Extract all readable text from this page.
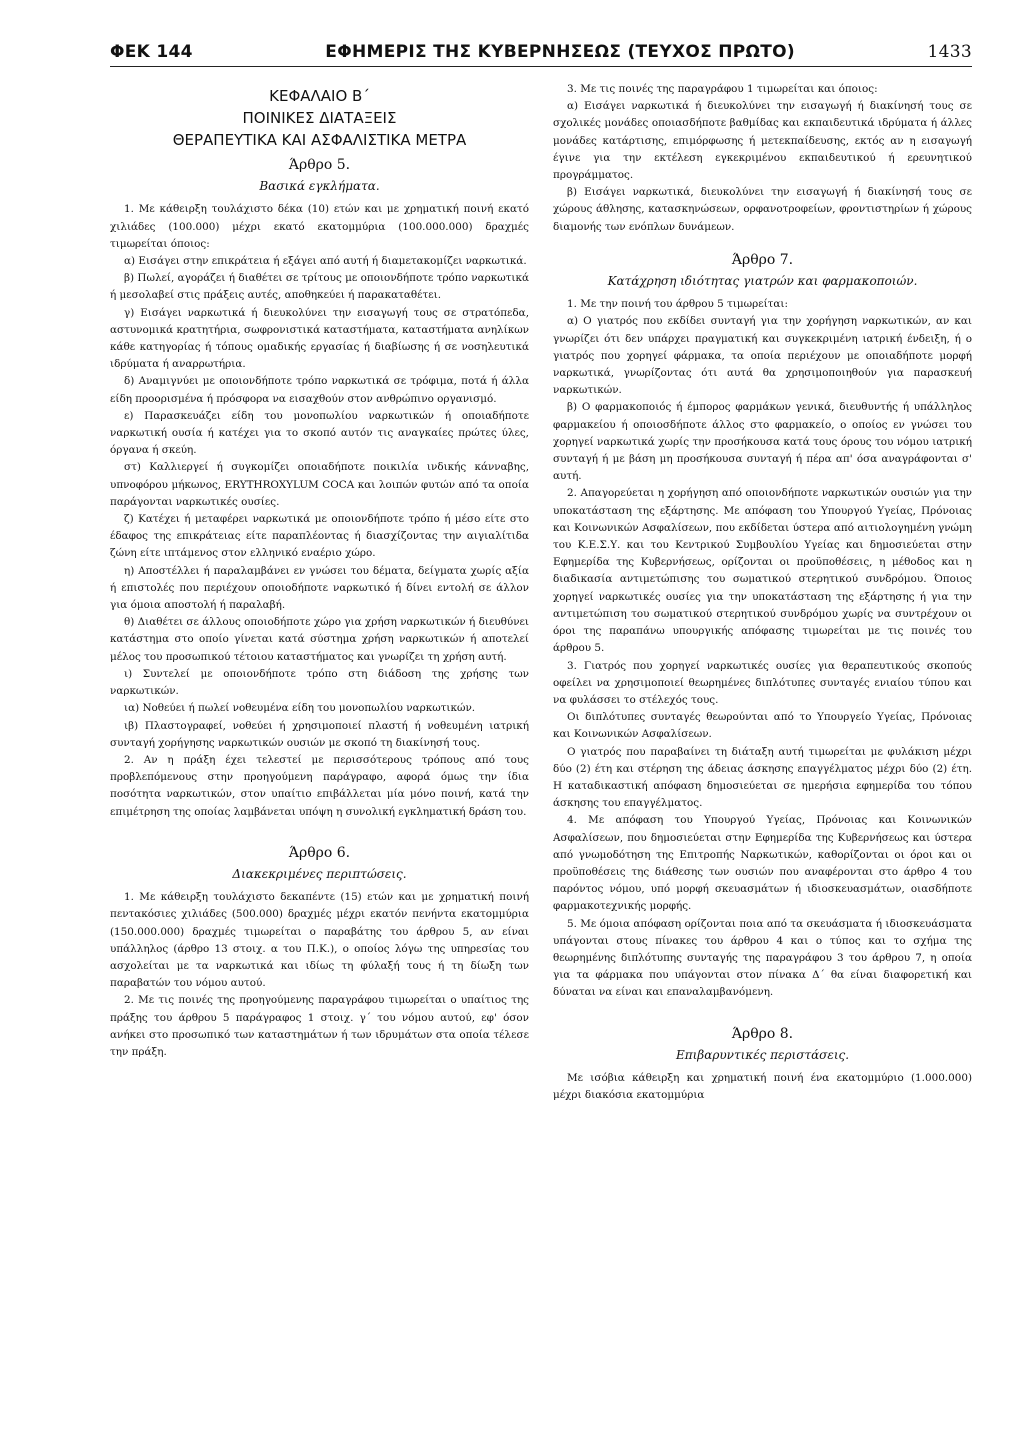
ΦΕΚ 144	ΕΦΗΜΕΡΙΣ ΤΗΣ ΚΥΒΕΡΝΗΣΕΩΣ (ΤΕΥΧΟΣ ΠΡΩΤΟ)	1433
ΚΕΦΑΛΑΙΟ Β΄
ΠΟΙΝΙΚΕΣ ΔΙΑΤΑΞΕΙΣ
ΘΕΡΑΠΕΥΤΙΚΑ ΚΑΙ ΑΣΦΑΛΙΣΤΙΚΑ ΜΕΤΡΑ
Άρθρο 5.
Βασικά εγκλήματα.

1. Με κάθειρξη τουλάχιστο δέκα (10) ετών και με χρηματική ποινή εκατό χιλιάδες (100.000) μέχρι εκατό εκατομμύρια (100.000.000) δραχμές τιμωρείται όποιος:

α) Εισάγει στην επικράτεια ή εξάγει από αυτή ή διαμετακομίζει ναρκωτικά.

β) Πωλεί, αγοράζει ή διαθέτει σε τρίτους με οποιονδήποτε τρόπο ναρκωτικά ή μεσολαβεί στις πράξεις αυτές, αποθηκεύει ή παρακαταθέτει.

γ) Εισάγει ναρκωτικά ή διευκολύνει την εισαγωγή τους σε στρατόπεδα, αστυνομικά κρατητήρια, σωφρονιστικά καταστήματα, καταστήματα ανηλίκων κάθε κατηγορίας ή τόπους ομαδικής εργασίας ή διαβίωσης ή σε νοσηλευτικά ιδρύματα ή αναρρωτήρια.

δ) Αναμιγνύει με οποιονδήποτε τρόπο ναρκωτικά σε τρόφιμα, ποτά ή άλλα είδη προορισμένα ή πρόσφορα να εισαχθούν στον ανθρώπινο οργανισμό.

ε) Παρασκευάζει είδη του μονοπωλίου ναρκωτικών ή οποιαδήποτε ναρκωτική ουσία ή κατέχει για το σκοπό αυτόν τις αναγκαίες πρώτες ύλες, όργανα ή σκεύη.

στ) Καλλιεργεί ή συγκομίζει οποιαδήποτε ποικιλία ινδικής κάνναβης, υπνοφόρου μήκωνος, ERYTHROXYLUM COCA και λοιπών φυτών από τα οποία παράγονται ναρκωτικές ουσίες.

ζ) Κατέχει ή μεταφέρει ναρκωτικά με οποιονδήποτε τρόπο ή μέσο είτε στο έδαφος της επικράτειας είτε παραπλέοντας ή διασχίζοντας την αιγιαλίτιδα ζώνη είτε ιπτάμενος στον ελληνικό εναέριο χώρο.

η) Αποστέλλει ή παραλαμβάνει εν γνώσει του δέματα, δείγματα χωρίς αξία ή επιστολές που περιέχουν οποιοδήποτε ναρκωτικό ή δίνει εντολή σε άλλον για όμοια αποστολή ή παραλαβή.

θ) Διαθέτει σε άλλους οποιοδήποτε χώρο για χρήση ναρκωτικών ή διευθύνει κατάστημα στο οποίο γίνεται κατά σύστημα χρήση ναρκωτικών ή αποτελεί μέλος του προσωπικού τέτοιου καταστήματος και γνωρίζει τη χρήση αυτή.

ι) Συντελεί με οποιονδήποτε τρόπο στη διάδοση της χρήσης των ναρκωτικών.

ια) Νοθεύει ή πωλεί νοθευμένα είδη του μονοπωλίου ναρκωτικών.

ιβ) Πλαστογραφεί, νοθεύει ή χρησιμοποιεί πλαστή ή νοθευμένη ιατρική συνταγή χορήγησης ναρκωτικών ουσιών με σκοπό τη διακίνησή τους.

2. Αν η πράξη έχει τελεστεί με περισσότερους τρόπους από τους προβλεπόμενους στην προηγούμενη παράγραφο, αφορά όμως την ίδια ποσότητα ναρκωτικών, στον υπαίτιο επιβάλλεται μία μόνο ποινή, κατά την επιμέτρηση της οποίας λαμβάνεται υπόψη η συνολική εγκληματική δράση του.

Άρθρο 6.
Διακεκριμένες περιπτώσεις.

1. Με κάθειρξη τουλάχιστο δεκαπέντε (15) ετών και με χρηματική ποινή πεντακόσιες χιλιάδες (500.000) δραχμές μέχρι εκατόν πενήντα εκατομμύρια (150.000.000) δραχμές τιμωρείται ο παραβάτης του άρθρου 5, αν είναι υπάλληλος (άρθρο 13 στοιχ. α του Π.Κ.), ο οποίος λόγω της υπηρεσίας του ασχολείται με τα ναρκωτικά και ιδίως τη φύλαξή τους ή τη δίωξη των παραβατών του νόμου αυτού.

2. Με τις ποινές της προηγούμενης παραγράφου τιμωρείται ο υπαίτιος της πράξης του άρθρου 5 παράγραφος 1 στοιχ. γ΄ του νόμου αυτού, εφ' όσον ανήκει στο προσωπικό των καταστημάτων ή των ιδρυμάτων στα οποία τέλεσε την πράξη.

3. Με τις ποινές της παραγράφου 1 τιμωρείται και όποιος:

α) Εισάγει ναρκωτικά ή διευκολύνει την εισαγωγή ή διακίνησή τους σε σχολικές μονάδες οποιασδήποτε βαθμίδας και εκπαιδευτικά ιδρύματα ή άλλες μονάδες κατάρτισης, επιμόρφωσης ή μετεκπαίδευσης, εκτός αν η εισαγωγή έγινε για την εκτέλεση εγκεκριμένου εκπαιδευτικού ή ερευνητικού προγράμματος.

β) Εισάγει ναρκωτικά, διευκολύνει την εισαγωγή ή διακίνησή τους σε χώρους άθλησης, κατασκηνώσεων, ορφανοτροφείων, φροντιστηρίων ή χώρους διαμονής των ενόπλων δυνάμεων.

Άρθρο 7.
Κατάχρηση ιδιότητας γιατρών και φαρμακοποιών.

1. Με την ποινή του άρθρου 5 τιμωρείται:

α) Ο γιατρός που εκδίδει συνταγή για την χορήγηση ναρκωτικών, αν και γνωρίζει ότι δεν υπάρχει πραγματική και συγκεκριμένη ιατρική ένδειξη, ή ο γιατρός που χορηγεί φάρμακα, τα οποία περιέχουν με οποιαδήποτε μορφή ναρκωτικά, γνωρίζοντας ότι αυτά θα χρησιμοποιηθούν για παρασκευή ναρκωτικών.

β) Ο φαρμακοποιός ή έμπορος φαρμάκων γενικά, διευθυντής ή υπάλληλος φαρμακείου ή οποιοσδήποτε άλλος στο φαρμακείο, ο οποίος εν γνώσει του χορηγεί ναρκωτικά χωρίς την προσήκουσα κατά τους όρους του νόμου ιατρική συνταγή ή με βάση μη προσήκουσα συνταγή ή πέρα απ' όσα αναγράφονται σ' αυτή.

2. Απαγορεύεται η χορήγηση από οποιονδήποτε ναρκωτικών ουσιών για την υποκατάσταση της εξάρτησης. Με απόφαση του Υπουργού Υγείας, Πρόνοιας και Κοινωνικών Ασφαλίσεων, που εκδίδεται ύστερα από αιτιολογημένη γνώμη του Κ.Ε.Σ.Υ. και του Κεντρικού Συμβουλίου Υγείας και δημοσιεύεται στην Εφημερίδα της Κυβερνήσεως, ορίζονται οι προϋποθέσεις, η μέθοδος και η διαδικασία αντιμετώπισης του σωματικού στερητικού συνδρόμου. Όποιος χορηγεί ναρκωτικές ουσίες για την υποκατάσταση της εξάρτησης ή για την αντιμετώπιση του σωματικού στερητικού συνδρόμου χωρίς να συντρέχουν οι όροι της παραπάνω υπουργικής απόφασης τιμωρείται με τις ποινές του άρθρου 5.

3. Γιατρός που χορηγεί ναρκωτικές ουσίες για θεραπευτικούς σκοπούς οφείλει να χρησιμοποιεί θεωρημένες διπλότυπες συνταγές ενιαίου τύπου και να φυλάσσει το στέλεχός τους.

Οι διπλότυπες συνταγές θεωρούνται από το Υπουργείο Υγείας, Πρόνοιας και Κοινωνικών Ασφαλίσεων.

Ο γιατρός που παραβαίνει τη διάταξη αυτή τιμωρείται με φυλάκιση μέχρι δύο (2) έτη και στέρηση της άδειας άσκησης επαγγέλματος μέχρι δύο (2) έτη. Η καταδικαστική απόφαση δημοσιεύεται σε ημερήσια εφημερίδα του τόπου άσκησης του επαγγέλματος.

4. Με απόφαση του Υπουργού Υγείας, Πρόνοιας και Κοινωνικών Ασφαλίσεων, που δημοσιεύεται στην Εφημερίδα της Κυβερνήσεως και ύστερα από γνωμοδότηση της Επιτροπής Ναρκωτικών, καθορίζονται οι όροι και οι προϋποθέσεις της διάθεσης των ουσιών που αναφέρονται στο άρθρο 4 του παρόντος νόμου, υπό μορφή σκευασμάτων ή ιδιοσκευασμάτων, οιασδήποτε φαρμακοτεχνικής μορφής.

5. Με όμοια απόφαση ορίζονται ποια από τα σκευάσματα ή ιδιοσκευάσματα υπάγονται στους πίνακες του άρθρου 4 και ο τύπος και το σχήμα της θεωρημένης διπλότυπης συνταγής της παραγράφου 3 του άρθρου 7, η οποία για τα φάρμακα που υπάγονται στον πίνακα Δ΄ θα είναι διαφορετική και δύναται να είναι και επαναλαμβανόμενη.

Άρθρο 8.
Επιβαρυντικές περιστάσεις.

Με ισόβια κάθειρξη και χρηματική ποινή ένα εκατομμύριο (1.000.000) μέχρι διακόσια εκατομμύρια
